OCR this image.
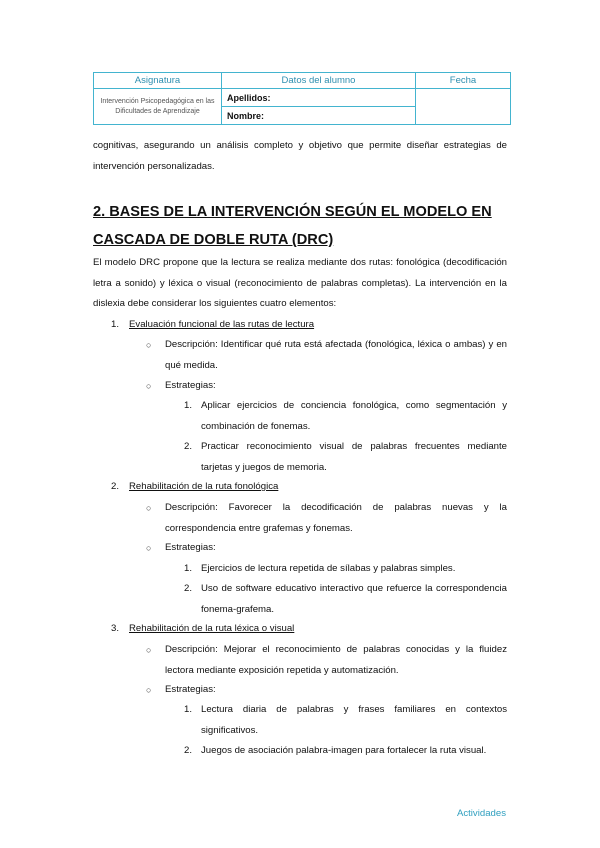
Asignatura	Datos del alumno	Fecha
Intervención Psicopedagógica en las Dificultades de Aprendizaje	Apellidos:	
	Nombre:	

cognitivas, asegurando un análisis completo y objetivo que permite diseñar estrategias de intervención personalizadas.

2. BASES DE LA INTERVENCIÓN SEGÚN EL MODELO EN CASCADA DE DOBLE RUTA (DRC)

El modelo DRC propone que la lectura se realiza mediante dos rutas: fonológica (decodificación letra a sonido) y léxica o visual (reconocimiento de palabras completas). La intervención en la dislexia debe considerar los siguientes cuatro elementos:

1. Evaluación funcional de las rutas de lectura
○ Descripción: Identificar qué ruta está afectada (fonológica, léxica o ambas) y en qué medida.
○ Estrategias:
1. Aplicar ejercicios de conciencia fonológica, como segmentación y combinación de fonemas.
2. Practicar reconocimiento visual de palabras frecuentes mediante tarjetas y juegos de memoria.
2. Rehabilitación de la ruta fonológica
○ Descripción: Favorecer la decodificación de palabras nuevas y la correspondencia entre grafemas y fonemas.
○ Estrategias:
1. Ejercicios de lectura repetida de sílabas y palabras simples.
2. Uso de software educativo interactivo que refuerce la correspondencia fonema-grafema.
3. Rehabilitación de la ruta léxica o visual
○ Descripción: Mejorar el reconocimiento de palabras conocidas y la fluidez lectora mediante exposición repetida y automatización.
○ Estrategias:
1. Lectura diaria de palabras y frases familiares en contextos significativos.
2. Juegos de asociación palabra-imagen para fortalecer la ruta visual.
Actividades
